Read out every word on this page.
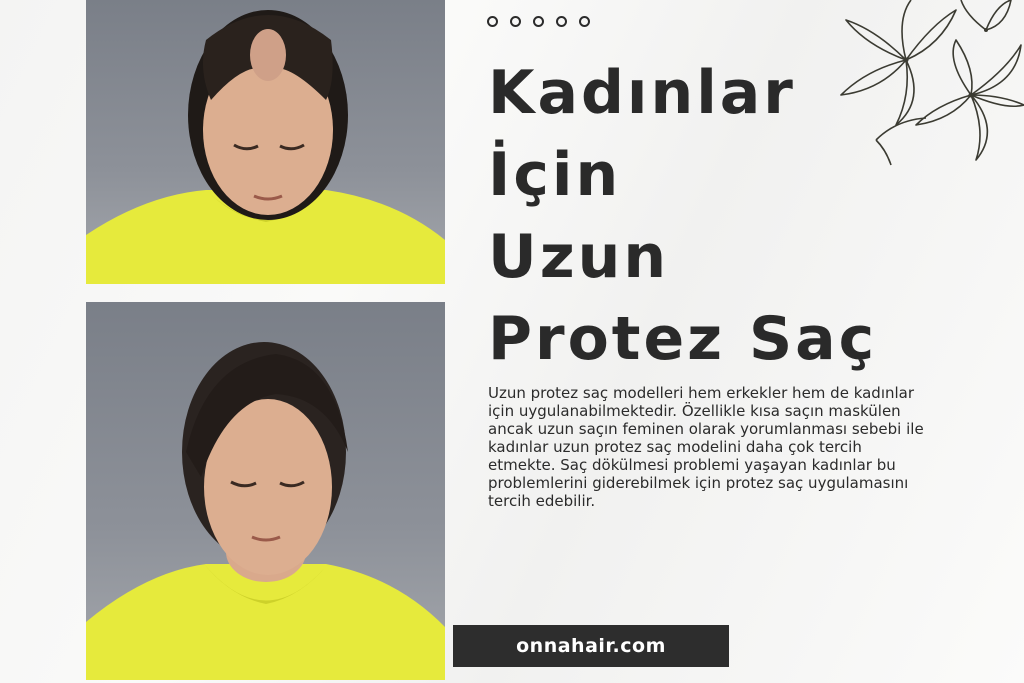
Kadınlar
İçin
Uzun
Protez Saç

Uzun protez saç modelleri hem erkekler hem de kadınlar için uygulanabilmektedir. Özellikle kısa saçın maskülen ancak uzun saçın feminen olarak yorumlanması sebebi ile kadınlar uzun protez saç modelini daha çok tercih etmekte. Saç dökülmesi problemi yaşayan kadınlar bu problemlerini giderebilmek için protez saç uygulamasını tercih edebilir.

onnahair.com
